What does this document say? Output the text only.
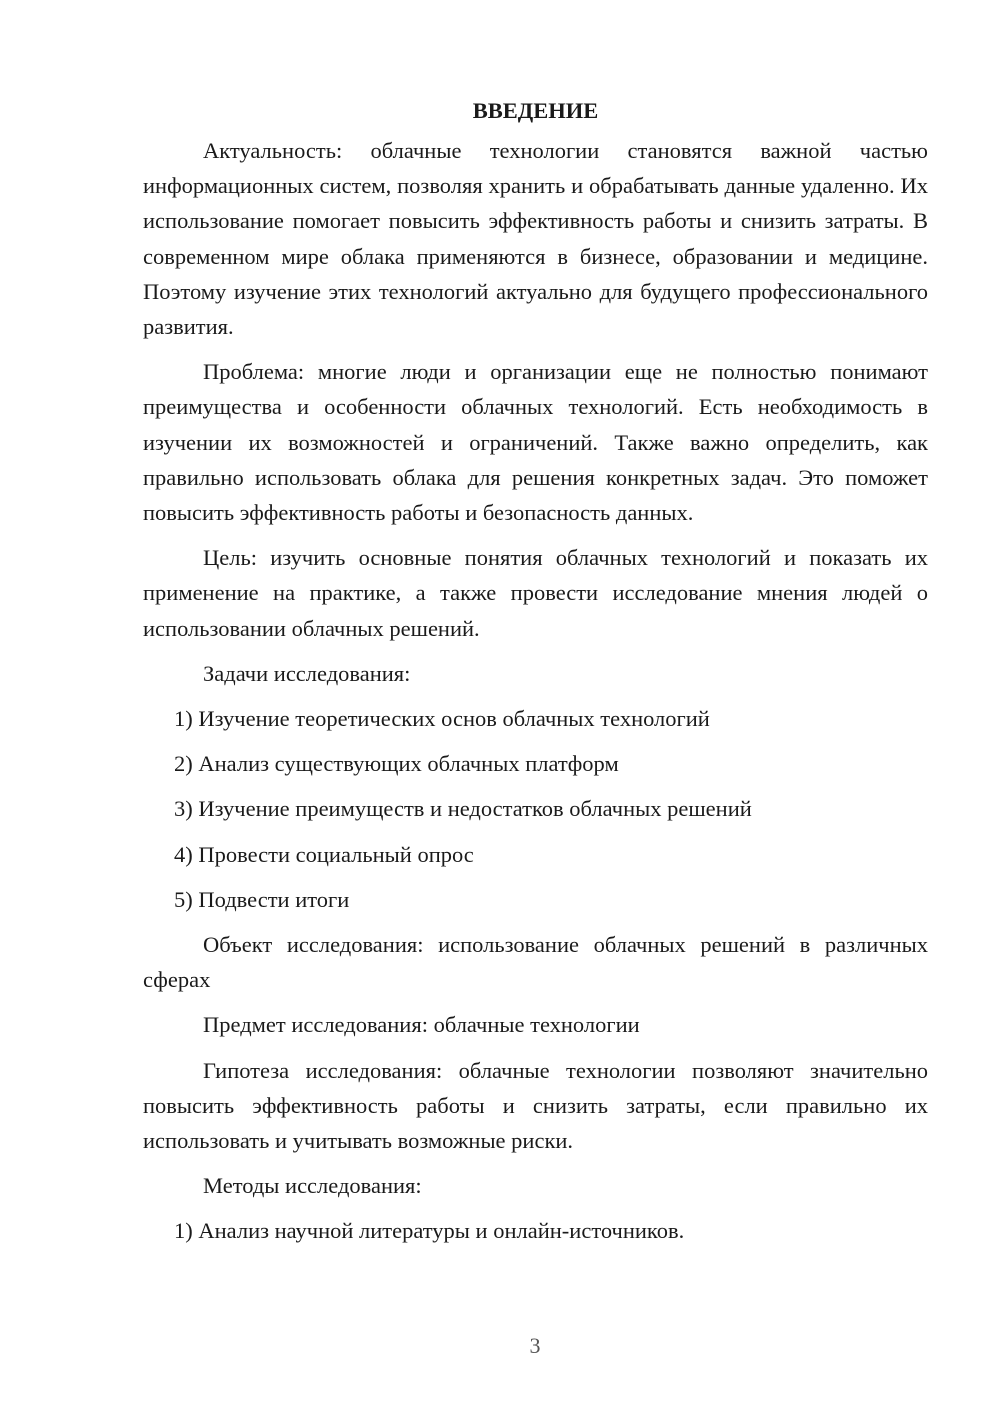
ВВЕДЕНИЕ

Актуальность: облачные технологии становятся важной частью информационных систем, позволяя хранить и обрабатывать данные удаленно. Их использование помогает повысить эффективность работы и снизить затраты. В современном мире облака применяются в бизнесе, образовании и медицине. Поэтому изучение этих технологий актуально для будущего профессионального развития.

Проблема: многие люди и организации еще не полностью понимают преимущества и особенности облачных технологий. Есть необходимость в изучении их возможностей и ограничений. Также важно определить, как правильно использовать облака для решения конкретных задач. Это поможет повысить эффективность работы и безопасность данных.

Цель: изучить основные понятия облачных технологий и показать их применение на практике, а также провести исследование мнения людей о использовании облачных решений.

Задачи исследования:
1) Изучение теоретических основ облачных технологий
2) Анализ существующих облачных платформ
3) Изучение преимуществ и недостатков облачных решений
4) Провести социальный опрос
5) Подвести итоги

Объект исследования: использование облачных решений в различных сферах

Предмет исследования: облачные технологии

Гипотеза исследования: облачные технологии позволяют значительно повысить эффективность работы и снизить затраты, если правильно их использовать и учитывать возможные риски.

Методы исследования:
1) Анализ научной литературы и онлайн-источников.
3
